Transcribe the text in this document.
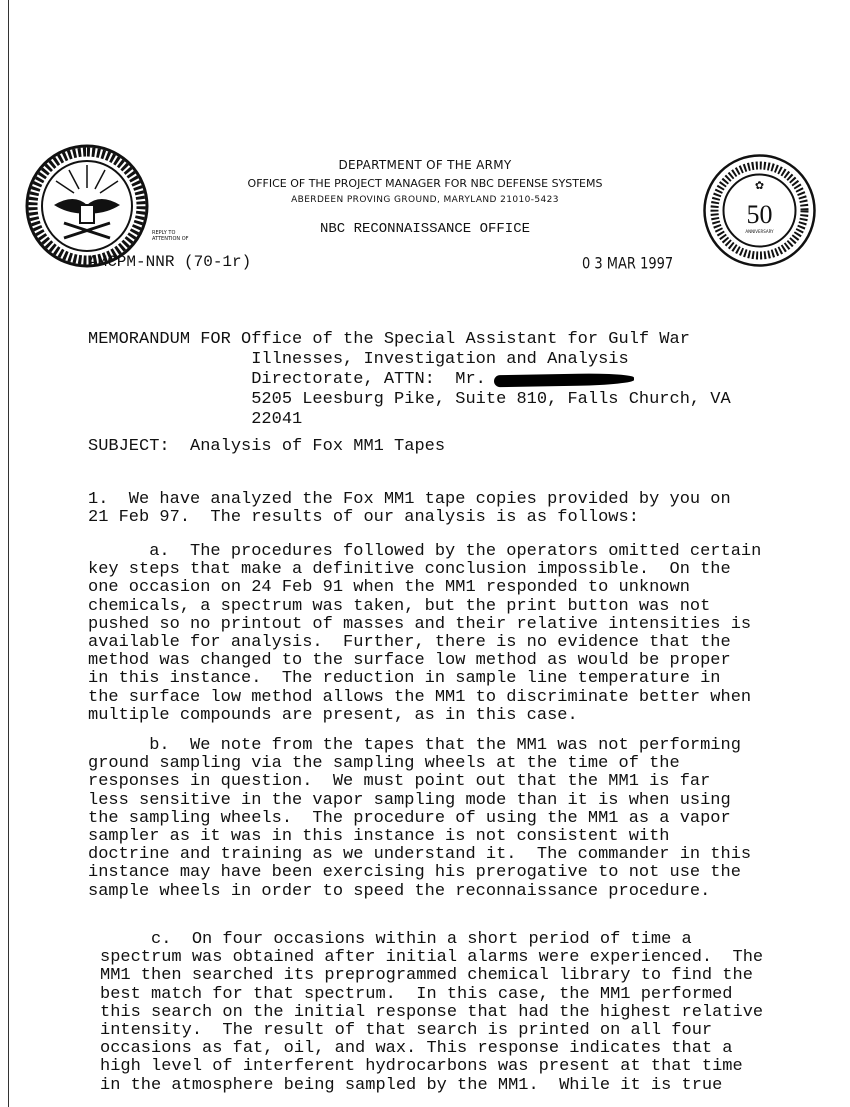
50
✿
ANNIVERSARY
DEPARTMENT OF THE ARMY
OFFICE OF THE PROJECT MANAGER FOR NBC DEFENSE SYSTEMS
ABERDEEN PROVING GROUND, MARYLAND 21010-5423
NBC RECONNAISSANCE OFFICE
REPLY TO
ATTENTION OF
AMCPM-NNR (70-1r)	0 3 MAR 1997
MEMORANDUM FOR Office of the Special Assistant for Gulf War
Illnesses, Investigation and Analysis
Directorate, ATTN:  Mr.
5205 Leesburg Pike, Suite 810, Falls Church, VA
22041
SUBJECT:  Analysis of Fox MM1 Tapes
1.  We have analyzed the Fox MM1 tape copies provided by you on
21 Feb 97.  The results of our analysis is as follows:
a.  The procedures followed by the operators omitted certain
key steps that make a definitive conclusion impossible.  On the
one occasion on 24 Feb 91 when the MM1 responded to unknown
chemicals, a spectrum was taken, but the print button was not
pushed so no printout of masses and their relative intensities is
available for analysis.  Further, there is no evidence that the
method was changed to the surface low method as would be proper
in this instance.  The reduction in sample line temperature in
the surface low method allows the MM1 to discriminate better when
multiple compounds are present, as in this case.
b.  We note from the tapes that the MM1 was not performing
ground sampling via the sampling wheels at the time of the
responses in question.  We must point out that the MM1 is far
less sensitive in the vapor sampling mode than it is when using
the sampling wheels.  The procedure of using the MM1 as a vapor
sampler as it was in this instance is not consistent with
doctrine and training as we understand it.  The commander in this
instance may have been exercising his prerogative to not use the
sample wheels in order to speed the reconnaissance procedure.
c.  On four occasions within a short period of time a
spectrum was obtained after initial alarms were experienced.  The
MM1 then searched its preprogrammed chemical library to find the
best match for that spectrum.  In this case, the MM1 performed
this search on the initial response that had the highest relative
intensity.  The result of that search is printed on all four
occasions as fat, oil, and wax. This response indicates that a
high level of interferent hydrocarbons was present at that time
in the atmosphere being sampled by the MM1.  While it is true
